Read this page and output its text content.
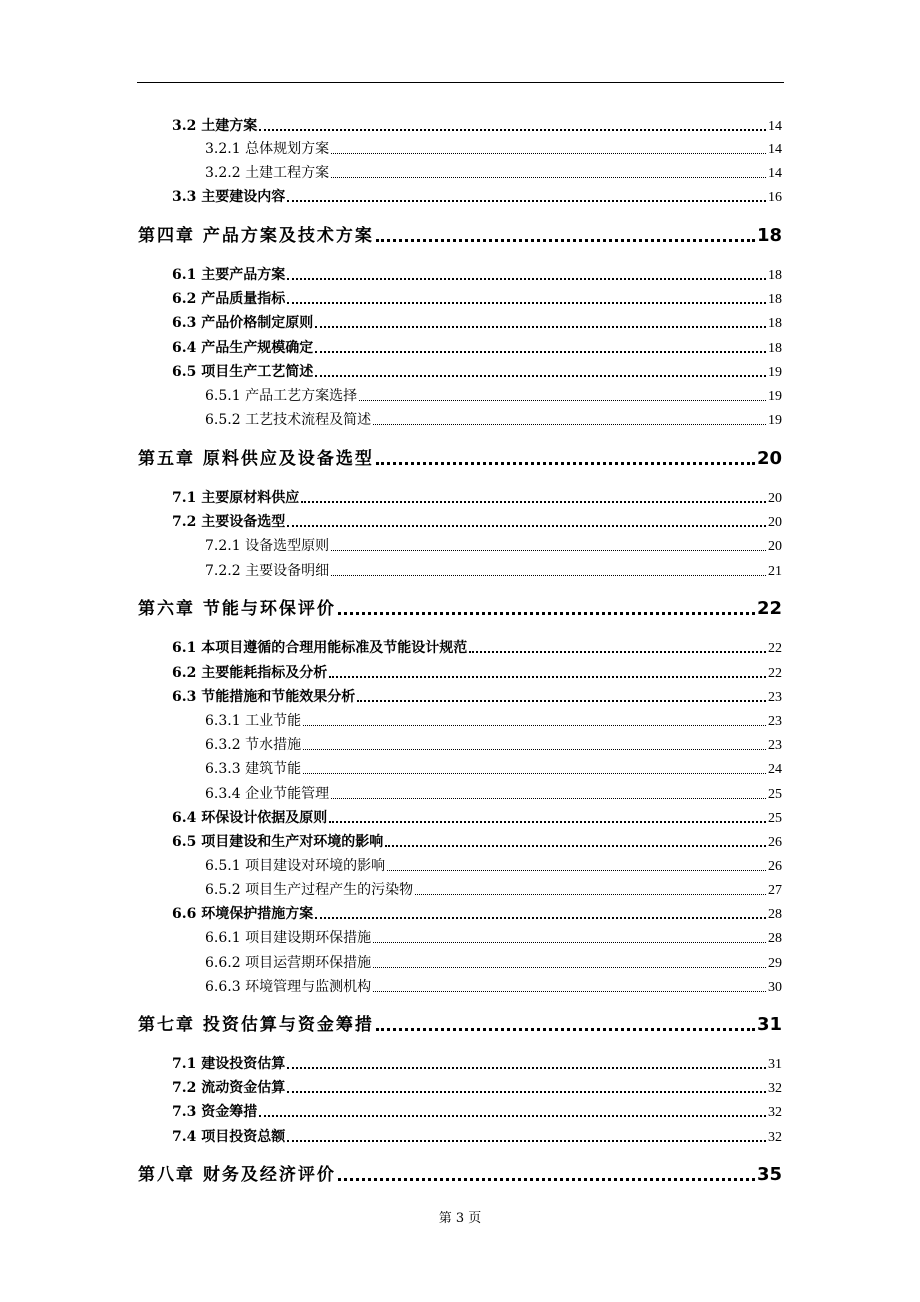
3.2 土建方案	14
3.2.1 总体规划方案	14
3.2.2 土建工程方案	14
3.3 主要建设内容	16
第四章 产品方案及技术方案	18
6.1 主要产品方案	18
6.2 产品质量指标	18
6.3 产品价格制定原则	18
6.4 产品生产规模确定	18
6.5 项目生产工艺简述	19
6.5.1 产品工艺方案选择	19
6.5.2 工艺技术流程及简述	19
第五章 原料供应及设备选型	20
7.1 主要原材料供应	20
7.2 主要设备选型	20
7.2.1 设备选型原则	20
7.2.2 主要设备明细	21
第六章 节能与环保评价	22
6.1 本项目遵循的合理用能标准及节能设计规范	22
6.2 主要能耗指标及分析	22
6.3 节能措施和节能效果分析	23
6.3.1 工业节能	23
6.3.2 节水措施	23
6.3.3 建筑节能	24
6.3.4 企业节能管理	25
6.4 环保设计依据及原则	25
6.5 项目建设和生产对环境的影响	26
6.5.1 项目建设对环境的影响	26
6.5.2 项目生产过程产生的污染物	27
6.6 环境保护措施方案	28
6.6.1 项目建设期环保措施	28
6.6.2 项目运营期环保措施	29
6.6.3 环境管理与监测机构	30
第七章 投资估算与资金筹措	31
7.1 建设投资估算	31
7.2 流动资金估算	32
7.3 资金筹措	32
7.4 项目投资总额	32
第八章 财务及经济评价	35
第 3 页
